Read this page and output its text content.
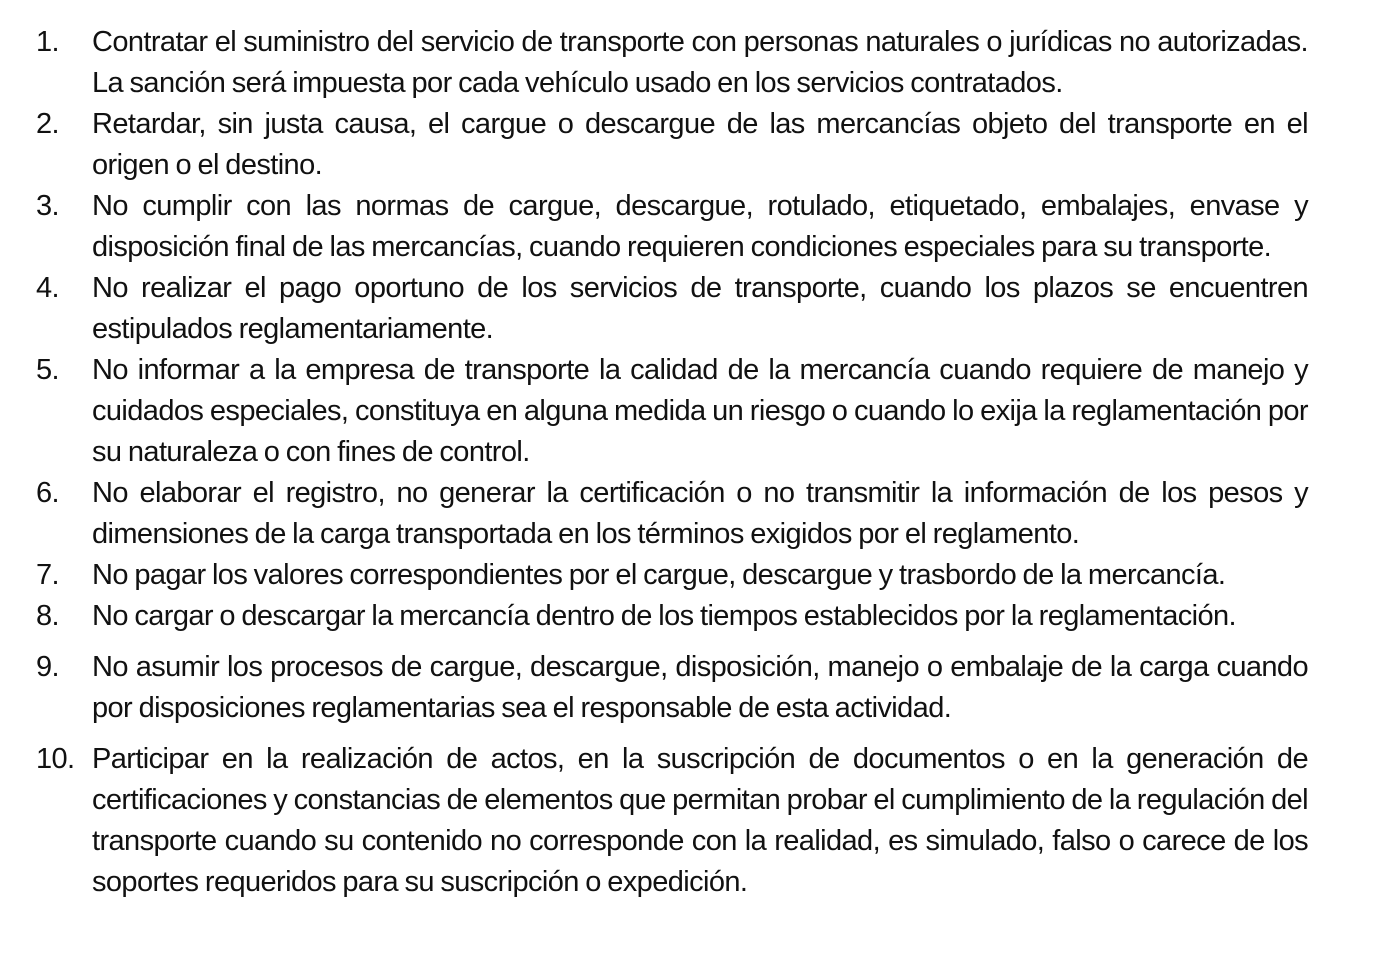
1.	Contratar el suministro del servicio de transporte con personas naturales o jurídicas no autorizadas. La sanción será impuesta por cada vehículo usado en los servicios contratados.
2.	Retardar, sin justa causa, el cargue o descargue de las mercancías objeto del transporte en el origen o el destino.
3.	No cumplir con las normas de cargue, descargue, rotulado, etiquetado, embalajes, envase y disposición final de las mercancías, cuando requieren condiciones especiales para su transporte.
4.	No realizar el pago oportuno de los servicios de transporte, cuando los plazos se encuentren estipulados reglamentariamente.
5.	No informar a la empresa de transporte la calidad de la mercancía cuando requiere de manejo y cuidados especiales, constituya en alguna medida un riesgo o cuando lo exija la reglamentación por su naturaleza o con fines de control.
6.	No elaborar el registro, no generar la certificación o no transmitir la información de los pesos y dimensiones de la carga transportada en los términos exigidos por el reglamento.
7.	No pagar los valores correspondientes por el cargue, descargue y trasbordo de la mercancía.
8.	No cargar o descargar la mercancía dentro de los tiempos establecidos por la reglamentación.
9.	No asumir los procesos de cargue, descargue, disposición, manejo o embalaje de la carga cuando por disposiciones reglamentarias sea el responsable de esta actividad.
10. Participar en la realización de actos, en la suscripción de documentos o en la generación de certificaciones y constancias de elementos que permitan probar el cumplimiento de la regulación del transporte cuando su contenido no corresponde con la realidad, es simulado, falso o carece de los soportes requeridos para su suscripción o expedición.
